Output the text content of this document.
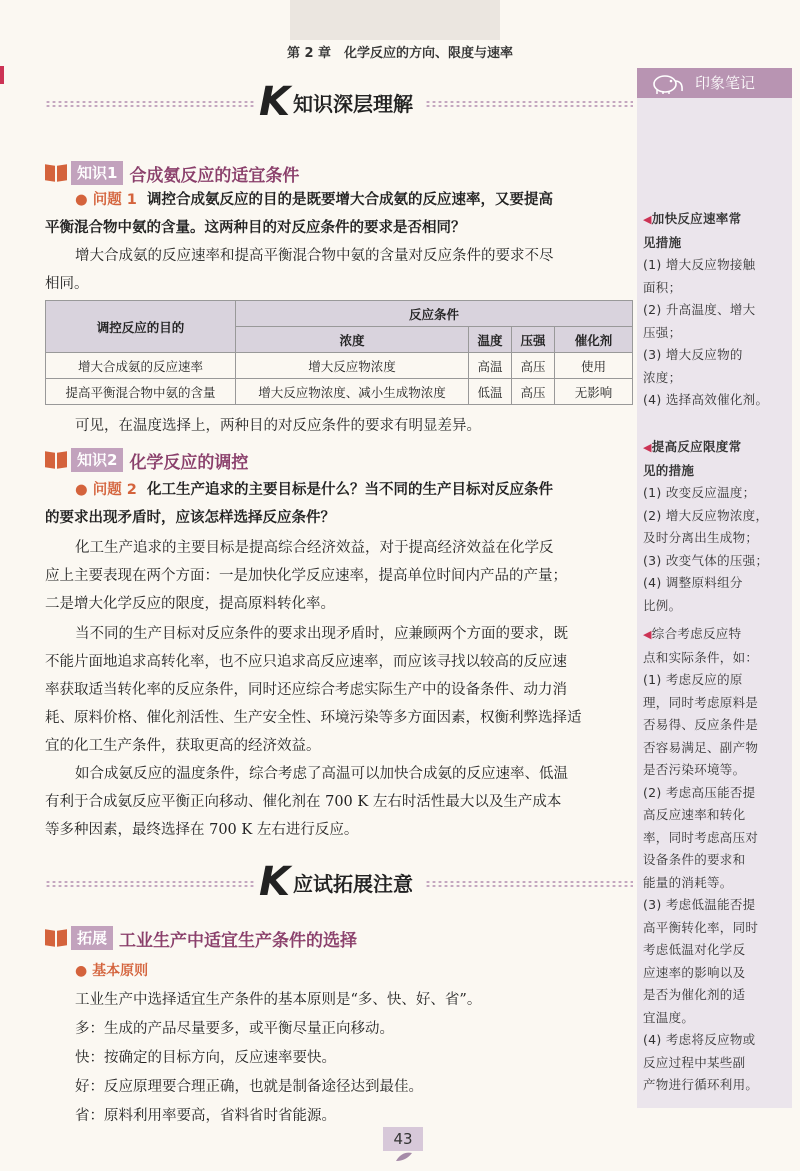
第 2 章　化学反应的方向、限度与速率
K 知识深层理解
知识1 合成氨反应的适宜条件
● 问题 1 调控合成氨反应的目的是既要增大合成氨的反应速率，又要提高
平衡混合物中氨的含量。这两种目的对反应条件的要求是否相同？
增大合成氨的反应速率和提高平衡混合物中氨的含量对反应条件的要求不尽
相同。
调控反应的目的	反应条件			
	浓度	温度	压强	催化剂
增大合成氨的反应速率	增大反应物浓度	高温	高压	使用
提高平衡混合物中氨的含量	增大反应物浓度、减小生成物浓度	低温	高压	无影响
可见，在温度选择上，两种目的对反应条件的要求有明显差异。
知识2 化学反应的调控
● 问题 2 化工生产追求的主要目标是什么？当不同的生产目标对反应条件
的要求出现矛盾时，应该怎样选择反应条件？
化工生产追求的主要目标是提高综合经济效益，对于提高经济效益在化学反
应上主要表现在两个方面：一是加快化学反应速率，提高单位时间内产品的产量；
二是增大化学反应的限度，提高原料转化率。
当不同的生产目标对反应条件的要求出现矛盾时，应兼顾两个方面的要求，既
不能片面地追求高转化率，也不应只追求高反应速率，而应该寻找以较高的反应速
率获取适当转化率的反应条件，同时还应综合考虑实际生产中的设备条件、动力消
耗、原料价格、催化剂活性、生产安全性、环境污染等多方面因素，权衡利弊选择适
宜的化工生产条件，获取更高的经济效益。
如合成氨反应的温度条件，综合考虑了高温可以加快合成氨的反应速率、低温
有利于合成氨反应平衡正向移动、催化剂在 700 K 左右时活性最大以及生产成本
等多种因素，最终选择在 700 K 左右进行反应。
K 应试拓展注意
拓展 工业生产中适宜生产条件的选择
● 基本原则
工业生产中选择适宜生产条件的基本原则是“多、快、好、省”。
多：生成的产品尽量要多，或平衡尽量正向移动。
快：按确定的目标方向，反应速率要快。
好：反应原理要合理正确，也就是制备途径达到最佳。
省：原料利用率要高，省料省时省能源。
印象笔记
◀加快反应速率常
见措施
(1) 增大反应物接触
面积；
(2) 升高温度、增大
压强；
(3) 增大反应物的
浓度；
(4) 选择高效催化剂。
◀提高反应限度常
见的措施
(1) 改变反应温度；
(2) 增大反应物浓度，
及时分离出生成物；
(3) 改变气体的压强；
(4) 调整原料组分
比例。
◀综合考虑反应特
点和实际条件，如：
(1) 考虑反应的原
理，同时考虑原料是
否易得、反应条件是
否容易满足、副产物
是否污染环境等。
(2) 考虑高压能否提
高反应速率和转化
率，同时考虑高压对
设备条件的要求和
能量的消耗等。
(3) 考虑低温能否提
高平衡转化率，同时
考虑低温对化学反
应速率的影响以及
是否为催化剂的适
宜温度。
(4) 考虑将反应物或
反应过程中某些副
产物进行循环利用。
43
